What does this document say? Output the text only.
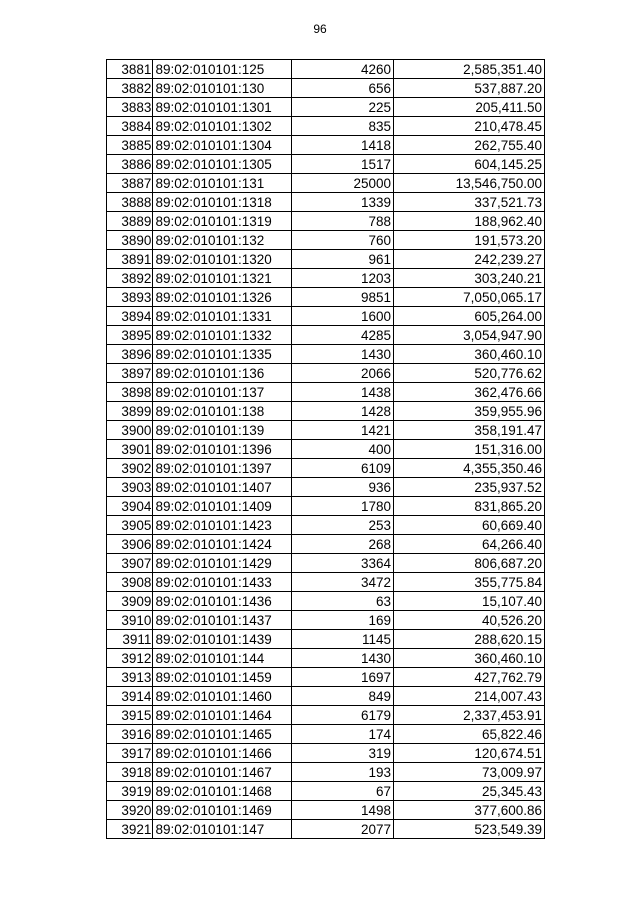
96
3881	89:02:010101:125	4260	2,585,351.40
3882	89:02:010101:130	656	537,887.20
3883	89:02:010101:1301	225	205,411.50
3884	89:02:010101:1302	835	210,478.45
3885	89:02:010101:1304	1418	262,755.40
3886	89:02:010101:1305	1517	604,145.25
3887	89:02:010101:131	25000	13,546,750.00
3888	89:02:010101:1318	1339	337,521.73
3889	89:02:010101:1319	788	188,962.40
3890	89:02:010101:132	760	191,573.20
3891	89:02:010101:1320	961	242,239.27
3892	89:02:010101:1321	1203	303,240.21
3893	89:02:010101:1326	9851	7,050,065.17
3894	89:02:010101:1331	1600	605,264.00
3895	89:02:010101:1332	4285	3,054,947.90
3896	89:02:010101:1335	1430	360,460.10
3897	89:02:010101:136	2066	520,776.62
3898	89:02:010101:137	1438	362,476.66
3899	89:02:010101:138	1428	359,955.96
3900	89:02:010101:139	1421	358,191.47
3901	89:02:010101:1396	400	151,316.00
3902	89:02:010101:1397	6109	4,355,350.46
3903	89:02:010101:1407	936	235,937.52
3904	89:02:010101:1409	1780	831,865.20
3905	89:02:010101:1423	253	60,669.40
3906	89:02:010101:1424	268	64,266.40
3907	89:02:010101:1429	3364	806,687.20
3908	89:02:010101:1433	3472	355,775.84
3909	89:02:010101:1436	63	15,107.40
3910	89:02:010101:1437	169	40,526.20
3911	89:02:010101:1439	1145	288,620.15
3912	89:02:010101:144	1430	360,460.10
3913	89:02:010101:1459	1697	427,762.79
3914	89:02:010101:1460	849	214,007.43
3915	89:02:010101:1464	6179	2,337,453.91
3916	89:02:010101:1465	174	65,822.46
3917	89:02:010101:1466	319	120,674.51
3918	89:02:010101:1467	193	73,009.97
3919	89:02:010101:1468	67	25,345.43
3920	89:02:010101:1469	1498	377,600.86
3921	89:02:010101:147	2077	523,549.39
